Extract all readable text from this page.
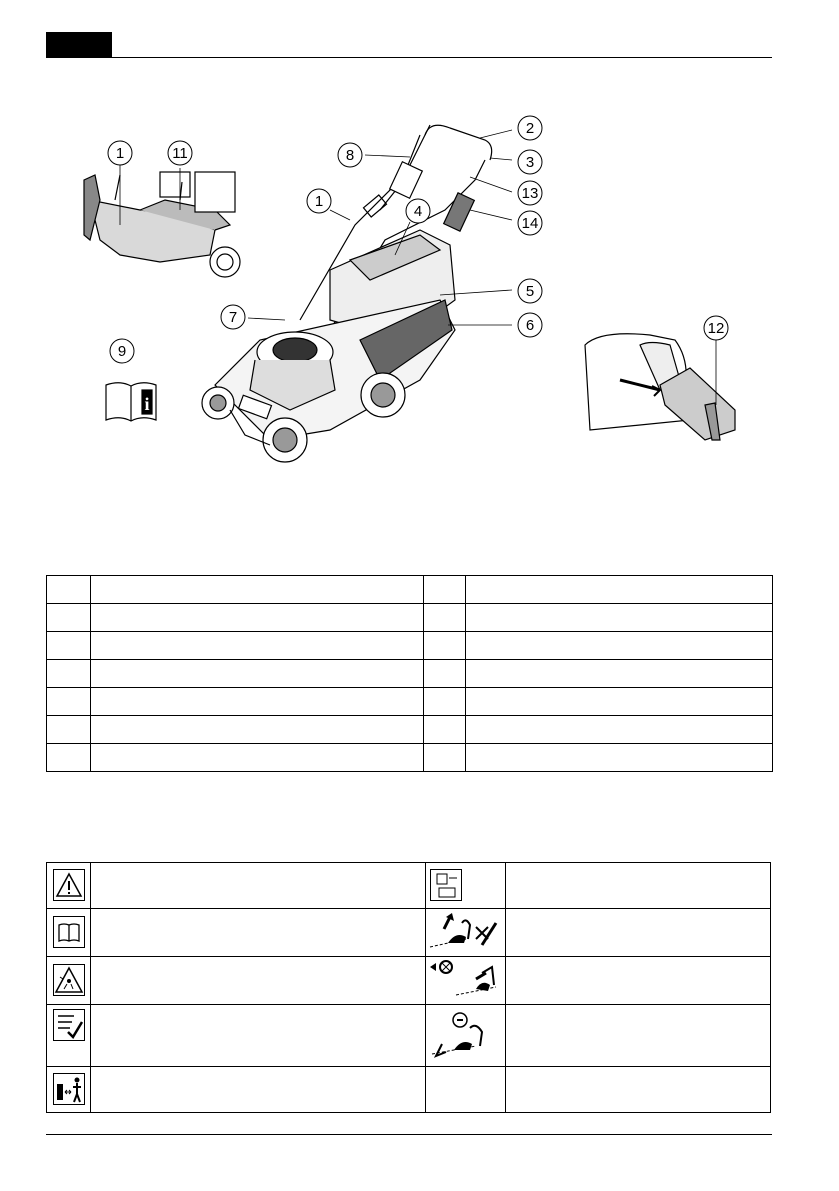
i
1	11
9
8
1
4
2
3
13
14
5
6
7
12
